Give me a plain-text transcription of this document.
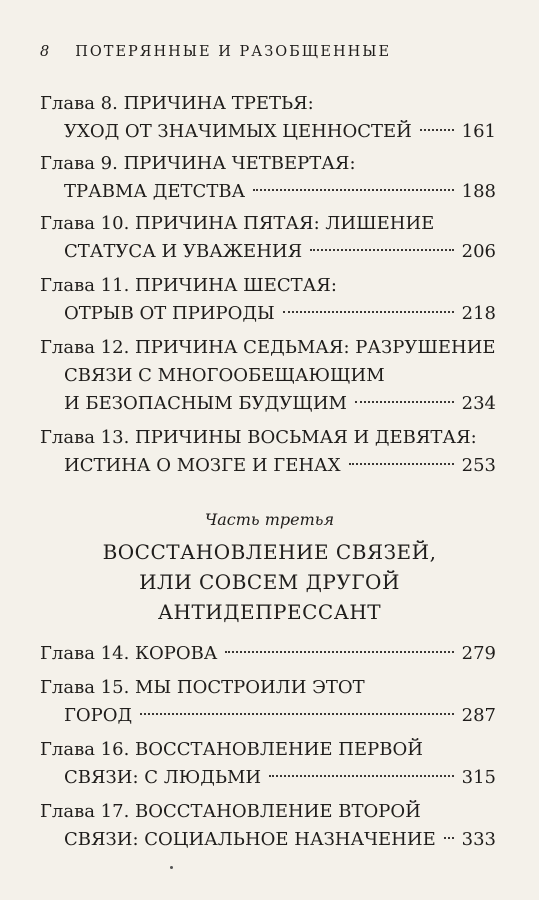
8 ПОТЕРЯННЫЕ И РАЗОБЩЕННЫЕ
Глава 8. ПРИЧИНА ТРЕТЬЯ:
УХОД ОТ ЗНАЧИМЫХ ЦЕННОСТЕЙ	161
Глава 9. ПРИЧИНА ЧЕТВЕРТАЯ:
ТРАВМА ДЕТСТВА	188
Глава 10. ПРИЧИНА ПЯТАЯ: ЛИШЕНИЕ
СТАТУСА И УВАЖЕНИЯ	206
Глава 11. ПРИЧИНА ШЕСТАЯ:
ОТРЫВ ОТ ПРИРОДЫ	218
Глава 12. ПРИЧИНА СЕДЬМАЯ: РАЗРУШЕНИЕ
СВЯЗИ С МНОГООБЕЩАЮЩИМ
И БЕЗОПАСНЫМ БУДУЩИМ	234
Глава 13. ПРИЧИНЫ ВОСЬМАЯ И ДЕВЯТАЯ:
ИСТИНА О МОЗГЕ И ГЕНАХ	253
Часть третья
ВОССТАНОВЛЕНИЕ СВЯЗЕЙ,
ИЛИ СОВСЕМ ДРУГОЙ
АНТИДЕПРЕССАНТ
Глава 14. КОРОВА	279
Глава 15. МЫ ПОСТРОИЛИ ЭТОТ
ГОРОД	287
Глава 16. ВОССТАНОВЛЕНИЕ ПЕРВОЙ
СВЯЗИ: С ЛЮДЬМИ	315
Глава 17. ВОССТАНОВЛЕНИЕ ВТОРОЙ
СВЯЗИ: СОЦИАЛЬНОЕ НАЗНАЧЕНИЕ 333
